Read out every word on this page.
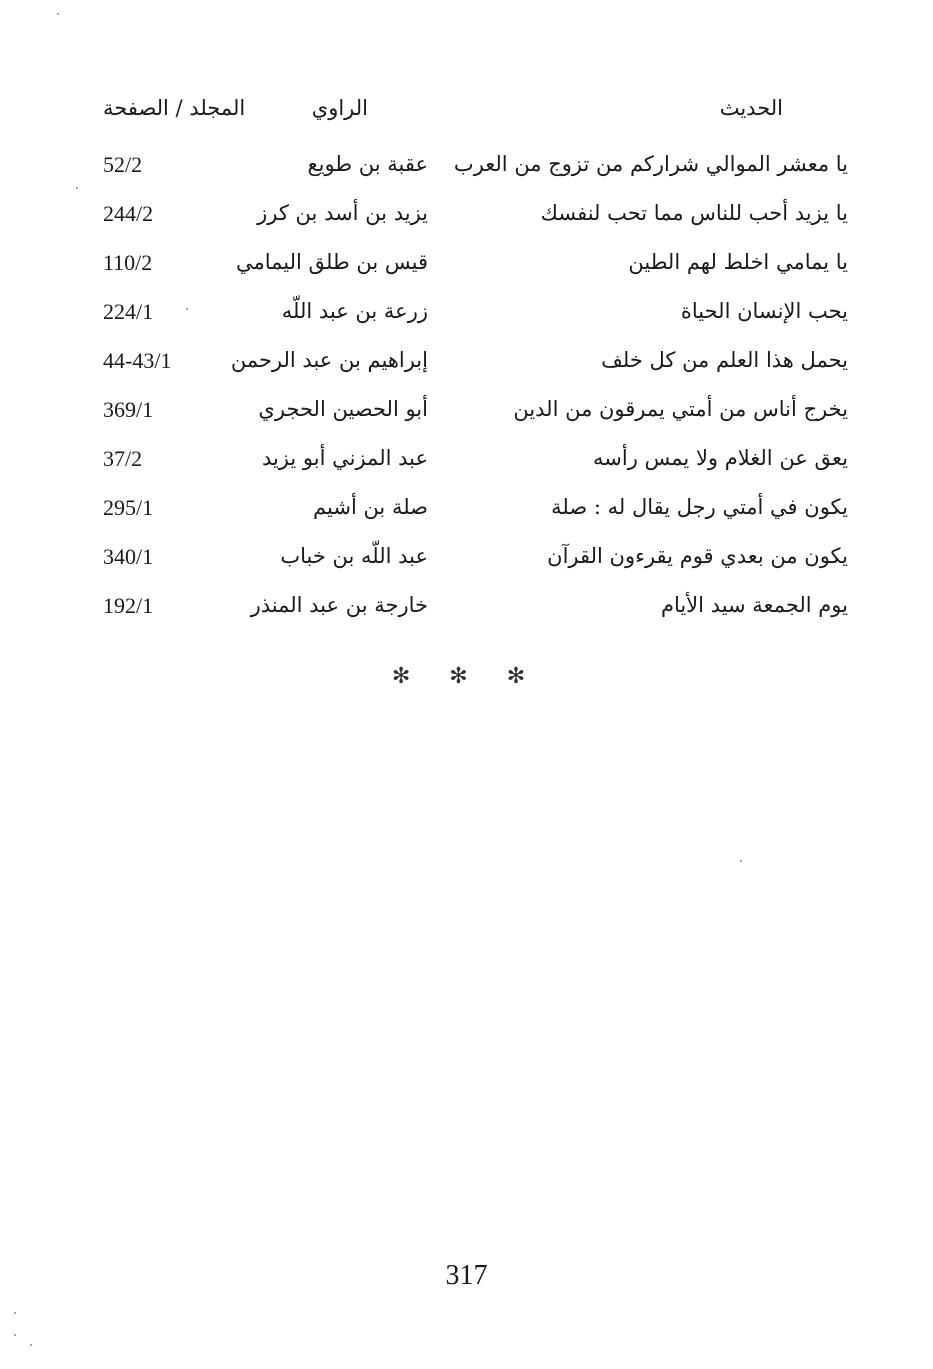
الحديث
الراوي
المجلد / الصفحة
يا معشر الموالي شراركم من تزوج من العرب
عقبة بن طويع
52/2
يا يزيد أحب للناس مما تحب لنفسك
يزيد بن أسد بن كرز
244/2
يا يمامي اخلط لهم الطين
قيس بن طلق اليمامي
110/2
يحب الإنسان الحياة
زرعة بن عبد اللّه
224/1
يحمل هذا العلم من كل خلف
إبراهيم بن عبد الرحمن
44-43/1
يخرج أناس من أمتي يمرقون من الدين
أبو الحصين الحجري
369/1
يعق عن الغلام ولا يمس رأسه
عبد المزني أبو يزيد
37/2
يكون في أمتي رجل يقال له : صلة
صلة بن أشيم
295/1
يكون من بعدي قوم يقرءون القرآن
عبد اللّه بن خباب
340/1
يوم الجمعة سيد الأيام
خارجة بن عبد المنذر
192/1
✻ ✻ ✻
317
